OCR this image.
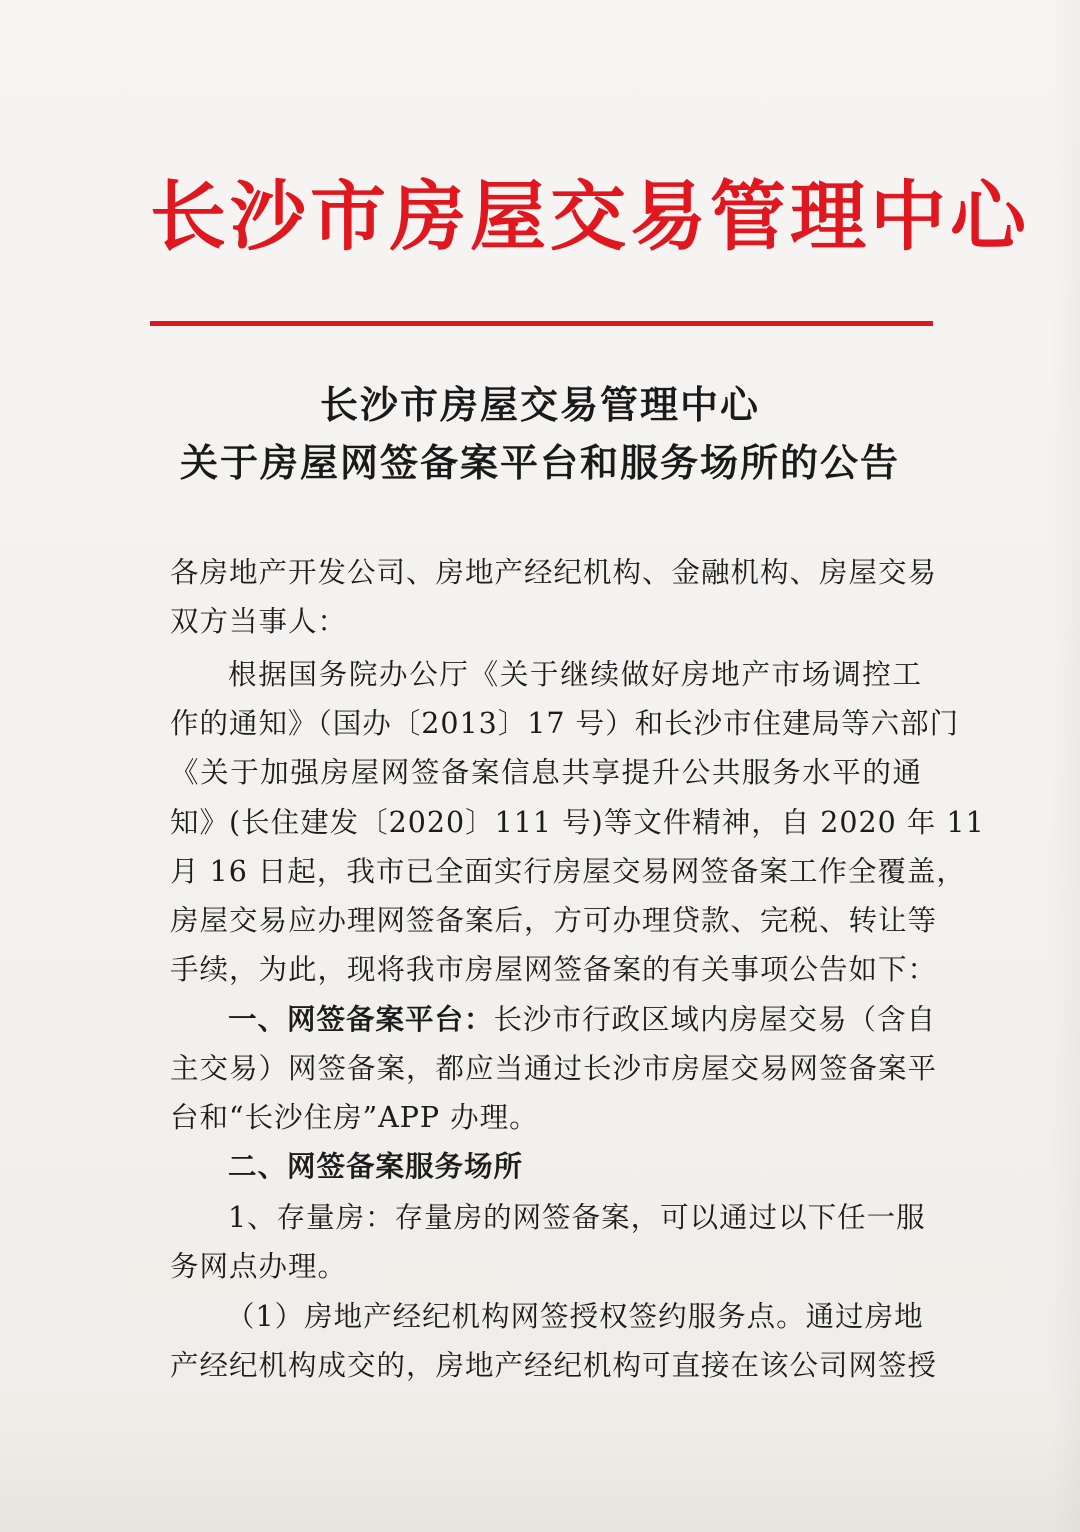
长沙市房屋交易管理中心
长沙市房屋交易管理中心
关于房屋网签备案平台和服务场所的公告
各房地产开发公司、房地产经纪机构、金融机构、房屋交易
双方当事人：
根据国务院办公厅《关于继续做好房地产市场调控工
作的通知》（国办〔2013〕17 号）和长沙市住建局等六部门
《关于加强房屋网签备案信息共享提升公共服务水平的通
知》(长住建发〔2020〕111 号)等文件精神，自 2020 年 11
月 16 日起，我市已全面实行房屋交易网签备案工作全覆盖，
房屋交易应办理网签备案后，方可办理贷款、完税、转让等
手续，为此，现将我市房屋网签备案的有关事项公告如下：
一、网签备案平台：长沙市行政区域内房屋交易（含自
主交易）网签备案，都应当通过长沙市房屋交易网签备案平
台和“长沙住房”APP 办理。
二、网签备案服务场所
1、存量房：存量房的网签备案，可以通过以下任一服
务网点办理。
（1）房地产经纪机构网签授权签约服务点。通过房地
产经纪机构成交的，房地产经纪机构可直接在该公司网签授
